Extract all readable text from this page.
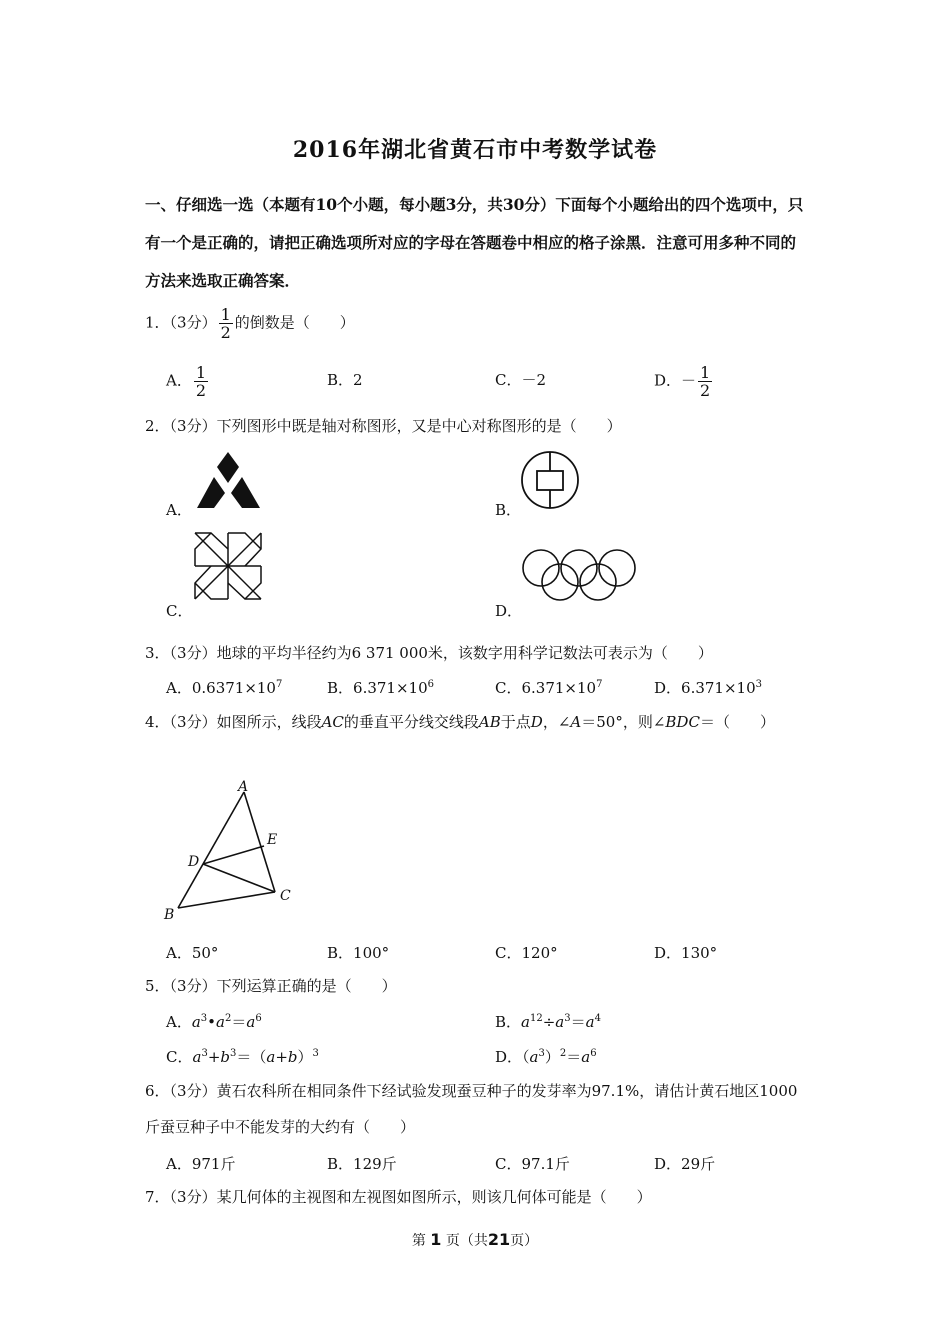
2016年湖北省黄石市中考数学试卷
一、仔细选一选（本题有10个小题，每小题3分，共30分）下面每个小题给出的四个选项中，只有一个是正确的，请把正确选项所对应的字母在答题卷中相应的格子涂黑．注意可用多种不同的方法来选取正确答案．
1．（3分） $\frac{1}{2}$ 的倒数是（　　）
A． $\frac{1}{2}$	B．2	C．－2	D．－ $\frac{1}{2}$
2．（3分）下列图形中既是轴对称图形，又是中心对称图形的是（　　）
A．	B．
C．	D．
3．（3分）地球的平均半径约为6 371 000米，该数字用科学记数法可表示为（　　）
A．$0.6371\times 10^7$	B．$6.371\times 10^6$	C．$6.371\times 10^7$	D．$6.371\times 10^3$
4．（3分）如图所示，线段AC的垂直平分线交线段AB于点D，∠A＝50°，则∠BDC＝（　　）
A
E
D
C
B
A．50°	B．100°	C．120°	D．130°
5．（3分）下列运算正确的是（　　）
A．$a^3•a^2=a^6$	B．$a^{12}\div a^3=a^4$
C．$a^3+b^3=(a+b)^3$	D．$(a^3)^2=a^6$
6．（3分）黄石农科所在相同条件下经试验发现蚕豆种子的发芽率为97.1%，请估计黄石地区1000斤蚕豆种子中不能发芽的大约有（　　）
A．971斤	B．129斤	C．97.1斤	D．29斤
7．（3分）某几何体的主视图和左视图如图所示，则该几何体可能是（　　）
第 1 页（共21页）
